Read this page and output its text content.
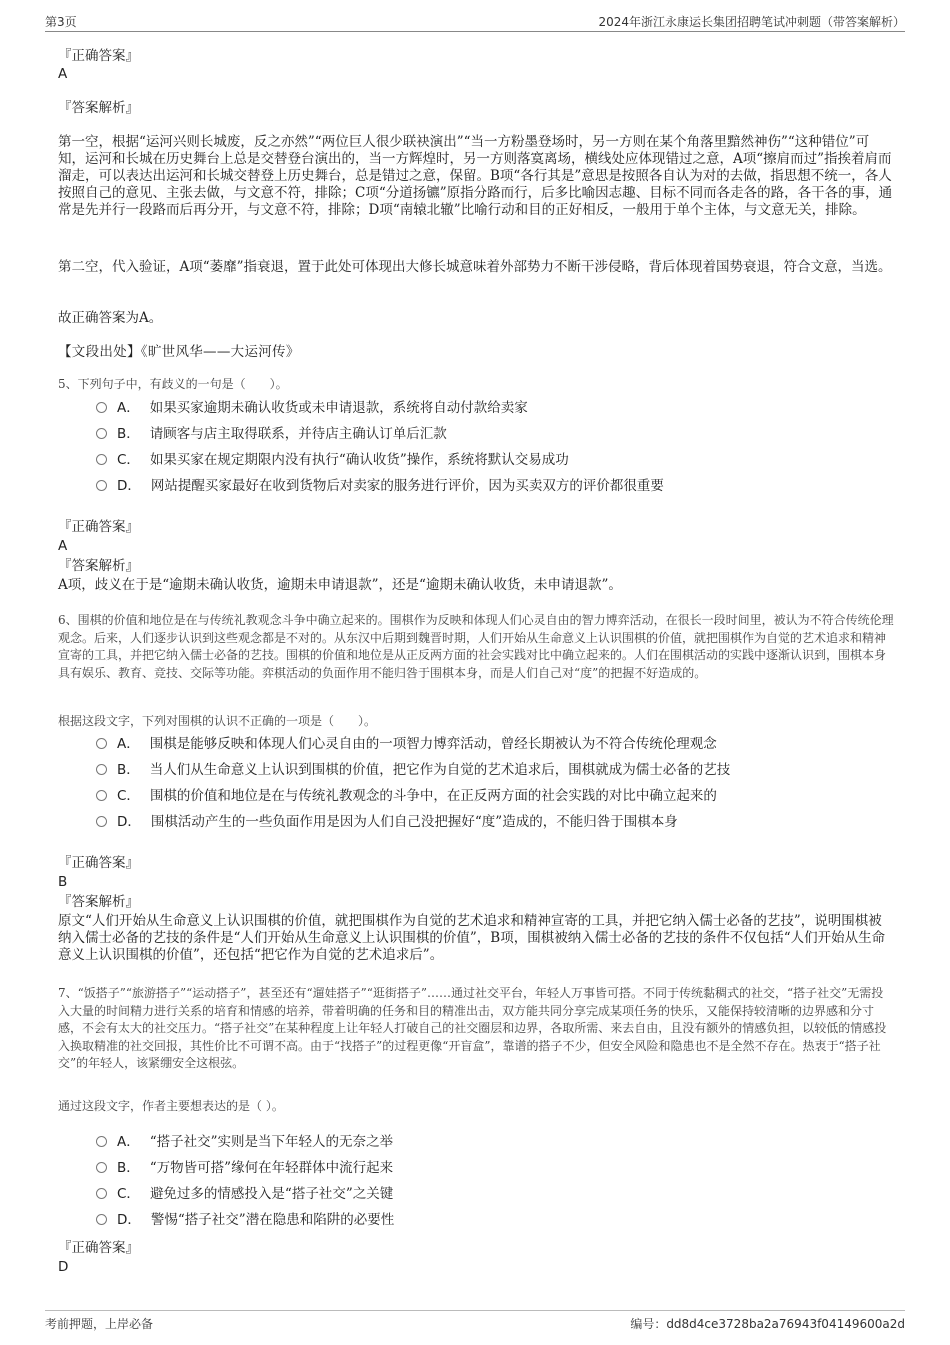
第3页	2024年浙江永康运长集团招聘笔试冲刺题（带答案解析）
『正确答案』
A
『答案解析』
第一空，根据“运河兴则长城废，反之亦然”“两位巨人很少联袂演出”“当一方粉墨登场时，另一方则在某个角落里黯然神伤”“这种错位”可知，运河和长城在历史舞台上总是交替登台演出的，当一方辉煌时，另一方则落寞离场，横线处应体现错过之意，A项“擦肩而过”指挨着肩而溜走，可以表达出运河和长城交替登上历史舞台，总是错过之意，保留。B项“各行其是”意思是按照各自认为对的去做，指思想不统一，各人按照自己的意见、主张去做，与文意不符，排除；C项“分道扬镳”原指分路而行，后多比喻因志趣、目标不同而各走各的路，各干各的事，通常是先并行一段路而后再分开，与文意不符，排除；D项“南辕北辙”比喻行动和目的正好相反，一般用于单个主体，与文意无关，排除。
第二空，代入验证，A项“萎靡”指衰退，置于此处可体现出大修长城意味着外部势力不断干涉侵略，背后体现着国势衰退，符合文意，当选。
故正确答案为A。
【文段出处】《旷世风华——大运河传》
5、下列句子中，有歧义的一句是（　　）。
A． 如果买家逾期未确认收货或未申请退款，系统将自动付款给卖家
B． 请顾客与店主取得联系，并待店主确认订单后汇款
C． 如果买家在规定期限内没有执行“确认收货”操作，系统将默认交易成功
D． 网站提醒买家最好在收到货物后对卖家的服务进行评价，因为买卖双方的评价都很重要
『正确答案』
A
『答案解析』
A项，歧义在于是“逾期未确认收货，逾期未申请退款”，还是“逾期未确认收货，未申请退款”。
6、围棋的价值和地位是在与传统礼教观念斗争中确立起来的。围棋作为反映和体现人们心灵自由的智力博弈活动，在很长一段时间里，被认为不符合传统伦理观念。后来，人们逐步认识到这些观念都是不对的。从东汉中后期到魏晋时期，人们开始从生命意义上认识围棋的价值，就把围棋作为自觉的艺术追求和精神宣寄的工具，并把它纳入儒士必备的艺技。围棋的价值和地位是从正反两方面的社会实践对比中确立起来的。人们在围棋活动的实践中逐渐认识到，围棋本身具有娱乐、教育、竞技、交际等功能。弈棋活动的负面作用不能归咎于围棋本身，而是人们自己对“度”的把握不好造成的。
根据这段文字，下列对围棋的认识不正确的一项是（　　）。
A． 围棋是能够反映和体现人们心灵自由的一项智力博弈活动，曾经长期被认为不符合传统伦理观念
B． 当人们从生命意义上认识到围棋的价值，把它作为自觉的艺术追求后，围棋就成为儒士必备的艺技
C． 围棋的价值和地位是在与传统礼教观念的斗争中，在正反两方面的社会实践的对比中确立起来的
D． 围棋活动产生的一些负面作用是因为人们自己没把握好“度”造成的，不能归咎于围棋本身
『正确答案』
B
『答案解析』
原文“人们开始从生命意义上认识围棋的价值，就把围棋作为自觉的艺术追求和精神宣寄的工具，并把它纳入儒士必备的艺技”，说明围棋被纳入儒士必备的艺技的条件是“人们开始从生命意义上认识围棋的价值”，B项，围棋被纳入儒士必备的艺技的条件不仅包括“人们开始从生命意义上认识围棋的价值”，还包括“把它作为自觉的艺术追求后”。
7、“饭搭子”“旅游搭子”“运动搭子”，甚至还有“遛娃搭子”“逛街搭子”……通过社交平台，年轻人万事皆可搭。不同于传统黏稠式的社交，“搭子社交”无需投入大量的时间精力进行关系的培育和情感的培养，带着明确的任务和目的精准出击，双方能共同分享完成某项任务的快乐，又能保持较清晰的边界感和分寸感，不会有太大的社交压力。“搭子社交”在某种程度上让年轻人打破自己的社交圈层和边界，各取所需、来去自由，且没有额外的情感负担，以较低的情感投入换取精准的社交回报，其性价比不可谓不高。由于“找搭子”的过程更像“开盲盒”，靠谱的搭子不少，但安全风险和隐患也不是全然不存在。热衷于“搭子社交”的年轻人，该紧绷安全这根弦。
通过这段文字，作者主要想表达的是（ ）。
A． “搭子社交”实则是当下年轻人的无奈之举
B． “万物皆可搭”缘何在年轻群体中流行起来
C． 避免过多的情感投入是“搭子社交”之关键
D． 警惕“搭子社交”潜在隐患和陷阱的必要性
『正确答案』
D
考前押题，上岸必备	编号：dd8d4ce3728ba2a76943f04149600a2d
